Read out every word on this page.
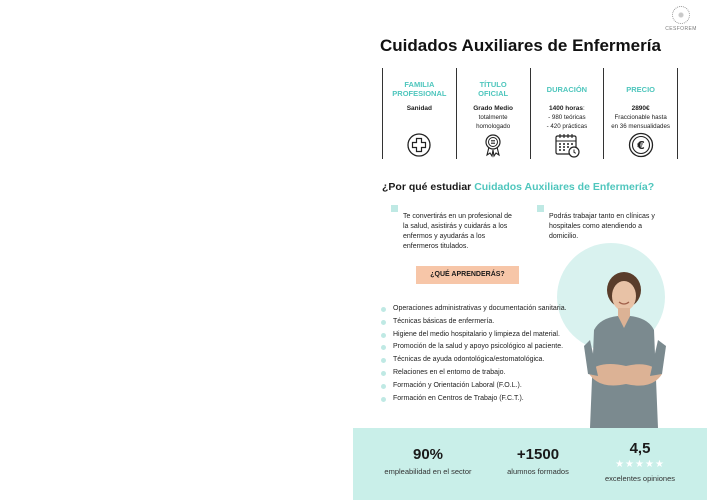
CESFOREM
Cuidados Auxiliares de Enfermería
FAMILIA
PROFESIONAL
Sanidad
TÍTULO
OFICIAL
Grado Medio
totalmente
homologado
DURACIÓN
1400 horas:
- 980 teóricas
- 420 prácticas
PRECIO
2890€
Fraccionable hasta
en 36 mensualidades
€
¿Por qué estudiar Cuidados Auxiliares de Enfermería?
Te convertirás en un profesional de
la salud, asistirás y cuidarás a los
enfermos y ayudarás a los
enfermeros titulados.
Podrás trabajar tanto en clínicas y
hospitales como atendiendo a
domicilio.
¿QUÉ APRENDERÁS?
Operaciones administrativas y documentación sanitaria.
Técnicas básicas de enfermería.
Higiene del medio hospitalario y limpieza del material.
Promoción de la salud y apoyo psicológico al paciente.
Técnicas de ayuda odontológica/estomatológica.
Relaciones en el entorno de trabajo.
Formación y Orientación Laboral (F.O.L.).
Formación en Centros de Trabajo (F.C.T.).
90%
empleabilidad en el sector
+1500
alumnos formados
4,5
★★★★★
excelentes opiniones
